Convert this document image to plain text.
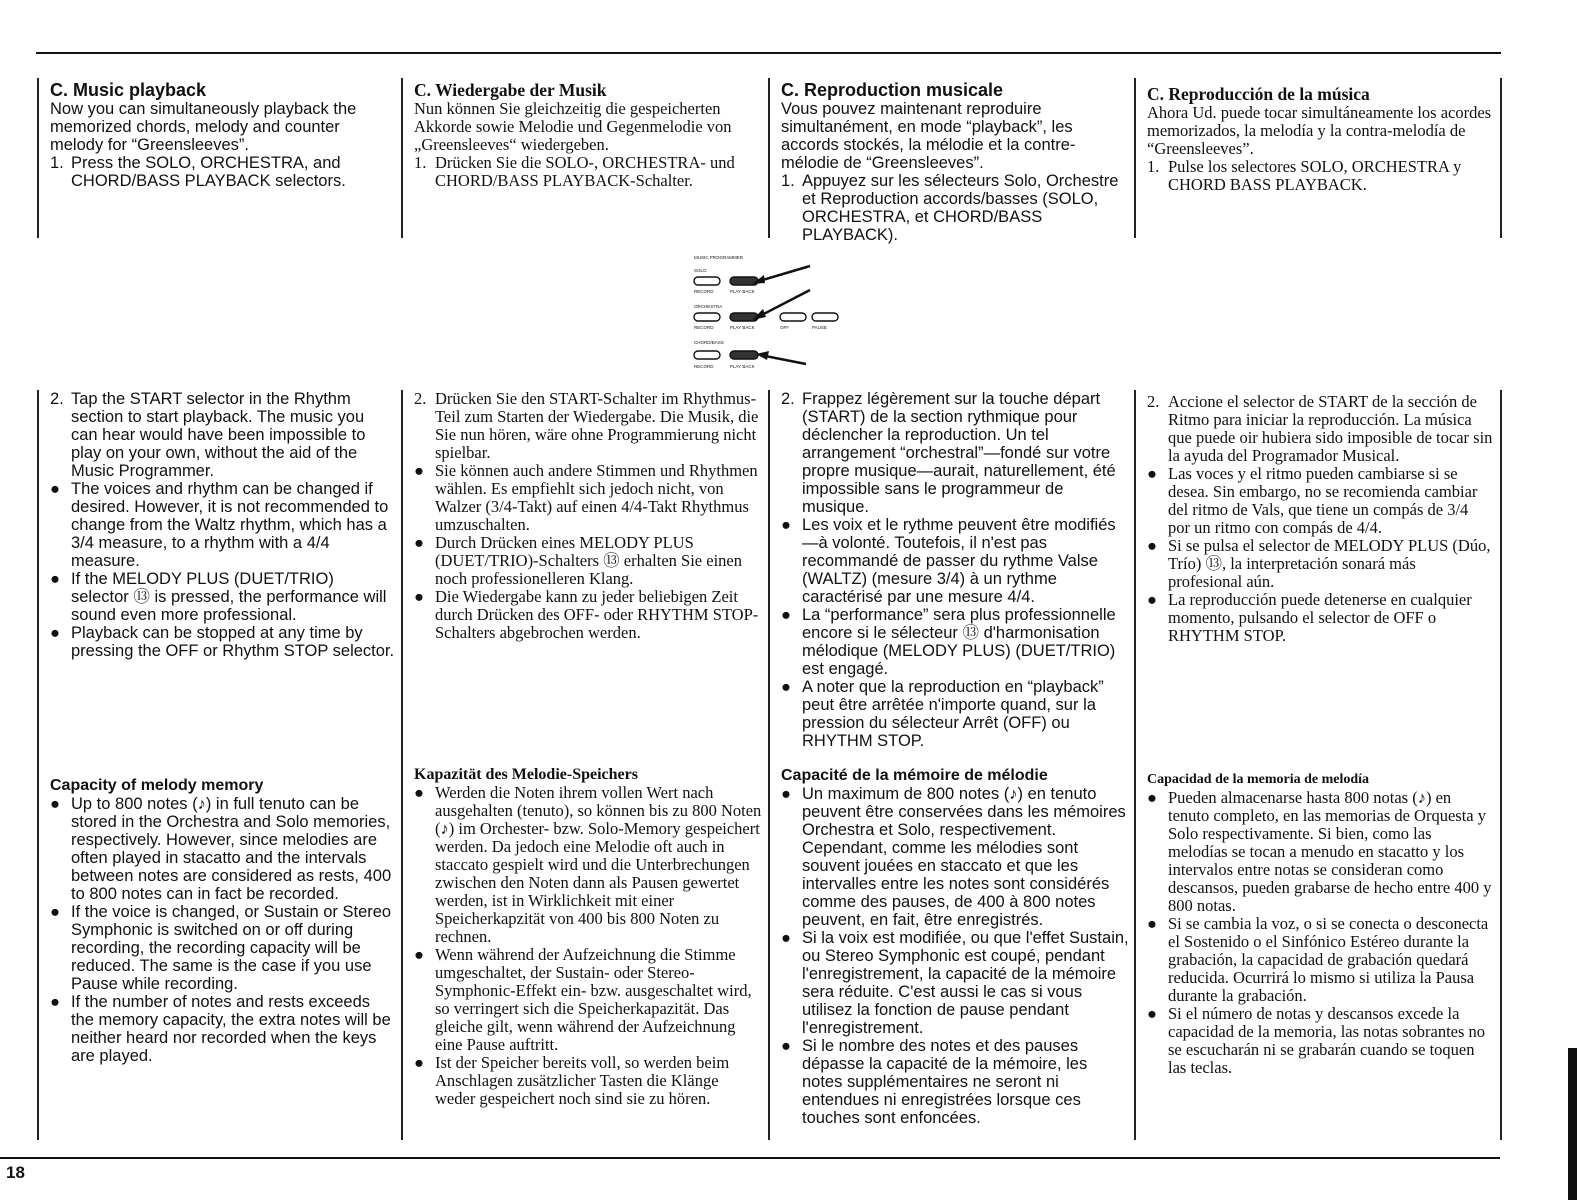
C. Music playback

Now you can simultaneously playback the memorized chords, melody and counter melody for “Greensleeves”.

1. Press the SOLO, ORCHESTRA, and CHORD/BASS PLAYBACK selectors.
2. Tap the START selector in the Rhythm section to start playback. The music you can hear would have been impossible to play on your own, without the aid of the Music Programmer.
● The voices and rhythm can be changed if desired. However, it is not recommended to change from the Waltz rhythm, which has a 3/4 measure, to a rhythm with a 4/4 measure.
● If the MELODY PLUS (DUET/TRIO) selector ⑬ is pressed, the performance will sound even more professional.
● Playback can be stopped at any time by pressing the OFF or Rhythm STOP selector.
Capacity of melody memory
● Up to 800 notes (♪) in full tenuto can be stored in the Orchestra and Solo memories, respectively. However, since melodies are often played in stacatto and the intervals between notes are considered as rests, 400 to 800 notes can in fact be recorded.
● If the voice is changed, or Sustain or Stereo Symphonic is switched on or off during recording, the recording capacity will be reduced. The same is the case if you use Pause while recording.
● If the number of notes and rests exceeds the memory capacity, the extra notes will be neither heard nor recorded when the keys are played.
C. Wiedergabe der Musik

Nun können Sie gleichzeitig die gespeicherten Akkorde sowie Melodie und Gegenmelodie von „Greensleeves“ wiedergeben.

1. Drücken Sie die SOLO-, ORCHESTRA- und CHORD/BASS PLAYBACK-Schalter.
2. Drücken Sie den START-Schalter im Rhythmus-Teil zum Starten der Wiedergabe. Die Musik, die Sie nun hören, wäre ohne Programmierung nicht spielbar.
● Sie können auch andere Stimmen und Rhythmen wählen. Es empfiehlt sich jedoch nicht, von Walzer (3/4-Takt) auf einen 4/4-Takt Rhythmus umzuschalten.
● Durch Drücken eines MELODY PLUS (DUET/TRIO)-Schalters ⑬ erhalten Sie einen noch professionelleren Klang.
● Die Wiedergabe kann zu jeder beliebigen Zeit durch Drücken des OFF- oder RHYTHM STOP-Schalters abgebrochen werden.
Kapazität des Melodie-Speichers
● Werden die Noten ihrem vollen Wert nach ausgehalten (tenuto), so können bis zu 800 Noten (♪) im Orchester- bzw. Solo-Memory gespeichert werden. Da jedoch eine Melodie oft auch in staccato gespielt wird und die Unterbrechungen zwischen den Noten dann als Pausen gewertet werden, ist in Wirklichkeit mit einer Speicherkapzität von 400 bis 800 Noten zu rechnen.
● Wenn während der Aufzeichnung die Stimme umgeschaltet, der Sustain- oder Stereo-Symphonic-Effekt ein- bzw. ausgeschaltet wird, so verringert sich die Speicherkapazität. Das gleiche gilt, wenn während der Aufzeichnung eine Pause auftritt.
● Ist der Speicher bereits voll, so werden beim Anschlagen zusätzlicher Tasten die Klänge weder gespeichert noch sind sie zu hören.
C. Reproduction musicale

Vous pouvez maintenant reproduire simultanément, en mode “playback”, les accords stockés, la mélodie et la contre-mélodie de “Greensleeves”.

1. Appuyez sur les sélecteurs Solo, Orchestre et Reproduction accords/basses (SOLO, ORCHESTRA, et CHORD/BASS PLAYBACK).
2. Frappez légèrement sur la touche départ (START) de la section rythmique pour déclencher la reproduction. Un tel arrangement “orchestral”—fondé sur votre propre musique—aurait, naturellement, été impossible sans le programmeur de musique.
● Les voix et le rythme peuvent être modifiés—à volonté. Toutefois, il n'est pas recommandé de passer du rythme Valse (WALTZ) (mesure 3/4) à un rythme caractérisé par une mesure 4/4.
● La “performance” sera plus professionnelle encore si le sélecteur ⑬ d'harmonisation mélodique (MELODY PLUS) (DUET/TRIO) est engagé.
● A noter que la reproduction en “playback” peut être arrêtée n'importe quand, sur la pression du sélecteur Arrêt (OFF) ou RHYTHM STOP.
Capacité de la mémoire de mélodie
● Un maximum de 800 notes (♪) en tenuto peuvent être conservées dans les mémoires Orchestra et Solo, respectivement. Cependant, comme les mélodies sont souvent jouées en staccato et que les intervalles entre les notes sont considérés comme des pauses, de 400 à 800 notes peuvent, en fait, être enregistrés.
● Si la voix est modifiée, ou que l'effet Sustain, ou Stereo Symphonic est coupé, pendant l'enregistrement, la capacité de la mémoire sera réduite. C'est aussi le cas si vous utilisez la fonction de pause pendant l'enregistrement.
● Si le nombre des notes et des pauses dépasse la capacité de la mémoire, les notes supplémentaires ne seront ni entendues ni enregistrées lorsque ces touches sont enfoncées.
C. Reproducción de la música

Ahora Ud. puede tocar simultáneamente los acordes memorizados, la melodía y la contra-melodía de “Greensleeves”.

1. Pulse los selectores SOLO, ORCHESTRA y CHORD BASS PLAYBACK.
2. Accione el selector de START de la sección de Ritmo para iniciar la reproducción. La música que puede oir hubiera sido imposible de tocar sin la ayuda del Programador Musical.
● Las voces y el ritmo pueden cambiarse si se desea. Sin embargo, no se recomienda cambiar del ritmo de Vals, que tiene un compás de 3/4 por un ritmo con compás de 4/4.
● Si se pulsa el selector de MELODY PLUS (Dúo, Trío) ⑬, la interpretación sonará más profesional aún.
● La reproducción puede detenerse en cualquier momento, pulsando el selector de OFF o RHYTHM STOP.
Capacidad de la memoria de melodía
● Pueden almacenarse hasta 800 notas (♪) en tenuto completo, en las memorias de Orquesta y Solo respectivamente. Si bien, como las melodías se tocan a menudo en stacatto y los intervalos entre notas se consideran como descansos, pueden grabarse de hecho entre 400 y 800 notas.
● Si se cambia la voz, o si se conecta o desconecta el Sostenido o el Sinfónico Estéreo durante la grabación, la capacidad de grabación quedará reducida. Ocurrirá lo mismo si utiliza la Pausa durante la grabación.
● Si el número de notas y descansos excede la capacidad de la memoria, las notas sobrantes no se escucharán ni se grabarán cuando se toquen las teclas.
MUSIC PROGRAMMER
SOLO
RECORD	PLAY BACK
ORCHESTRA
RECORD	PLAY BACK	OFF	PAUSE
CHORD/BASS
RECORD	PLAY BACK
18
